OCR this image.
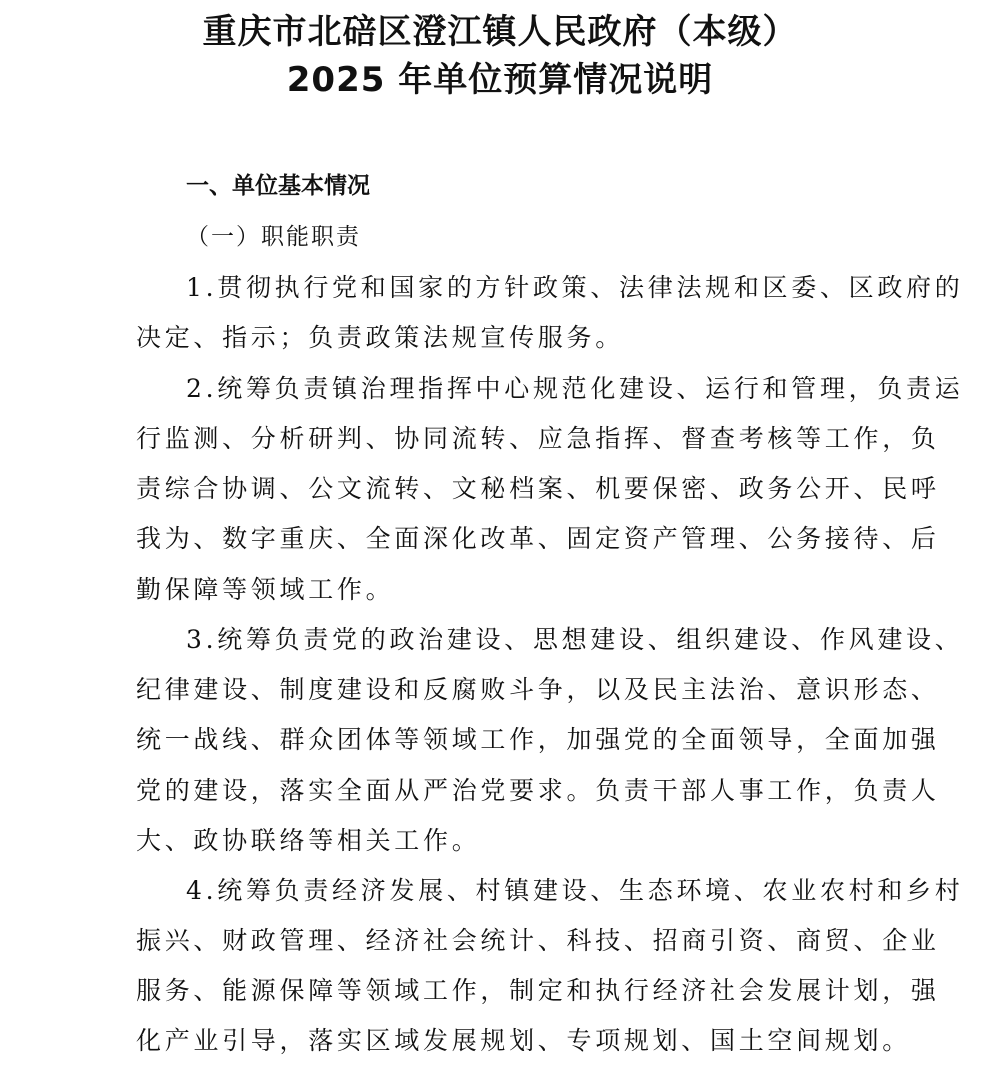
重庆市北碚区澄江镇人民政府（本级）
2025 年单位预算情况说明
一、单位基本情况
（一）职能职责
1.贯彻执行党和国家的方针政策、法律法规和区委、区政府的
决定、指示；负责政策法规宣传服务。
2.统筹负责镇治理指挥中心规范化建设、运行和管理，负责运
行监测、分析研判、协同流转、应急指挥、督查考核等工作，负
责综合协调、公文流转、文秘档案、机要保密、政务公开、民呼
我为、数字重庆、全面深化改革、固定资产管理、公务接待、后
勤保障等领域工作。
3.统筹负责党的政治建设、思想建设、组织建设、作风建设、
纪律建设、制度建设和反腐败斗争，以及民主法治、意识形态、
统一战线、群众团体等领域工作，加强党的全面领导，全面加强
党的建设，落实全面从严治党要求。负责干部人事工作，负责人
大、政协联络等相关工作。
4.统筹负责经济发展、村镇建设、生态环境、农业农村和乡村
振兴、财政管理、经济社会统计、科技、招商引资、商贸、企业
服务、能源保障等领域工作，制定和执行经济社会发展计划，强
化产业引导，落实区域发展规划、专项规划、国土空间规划。
